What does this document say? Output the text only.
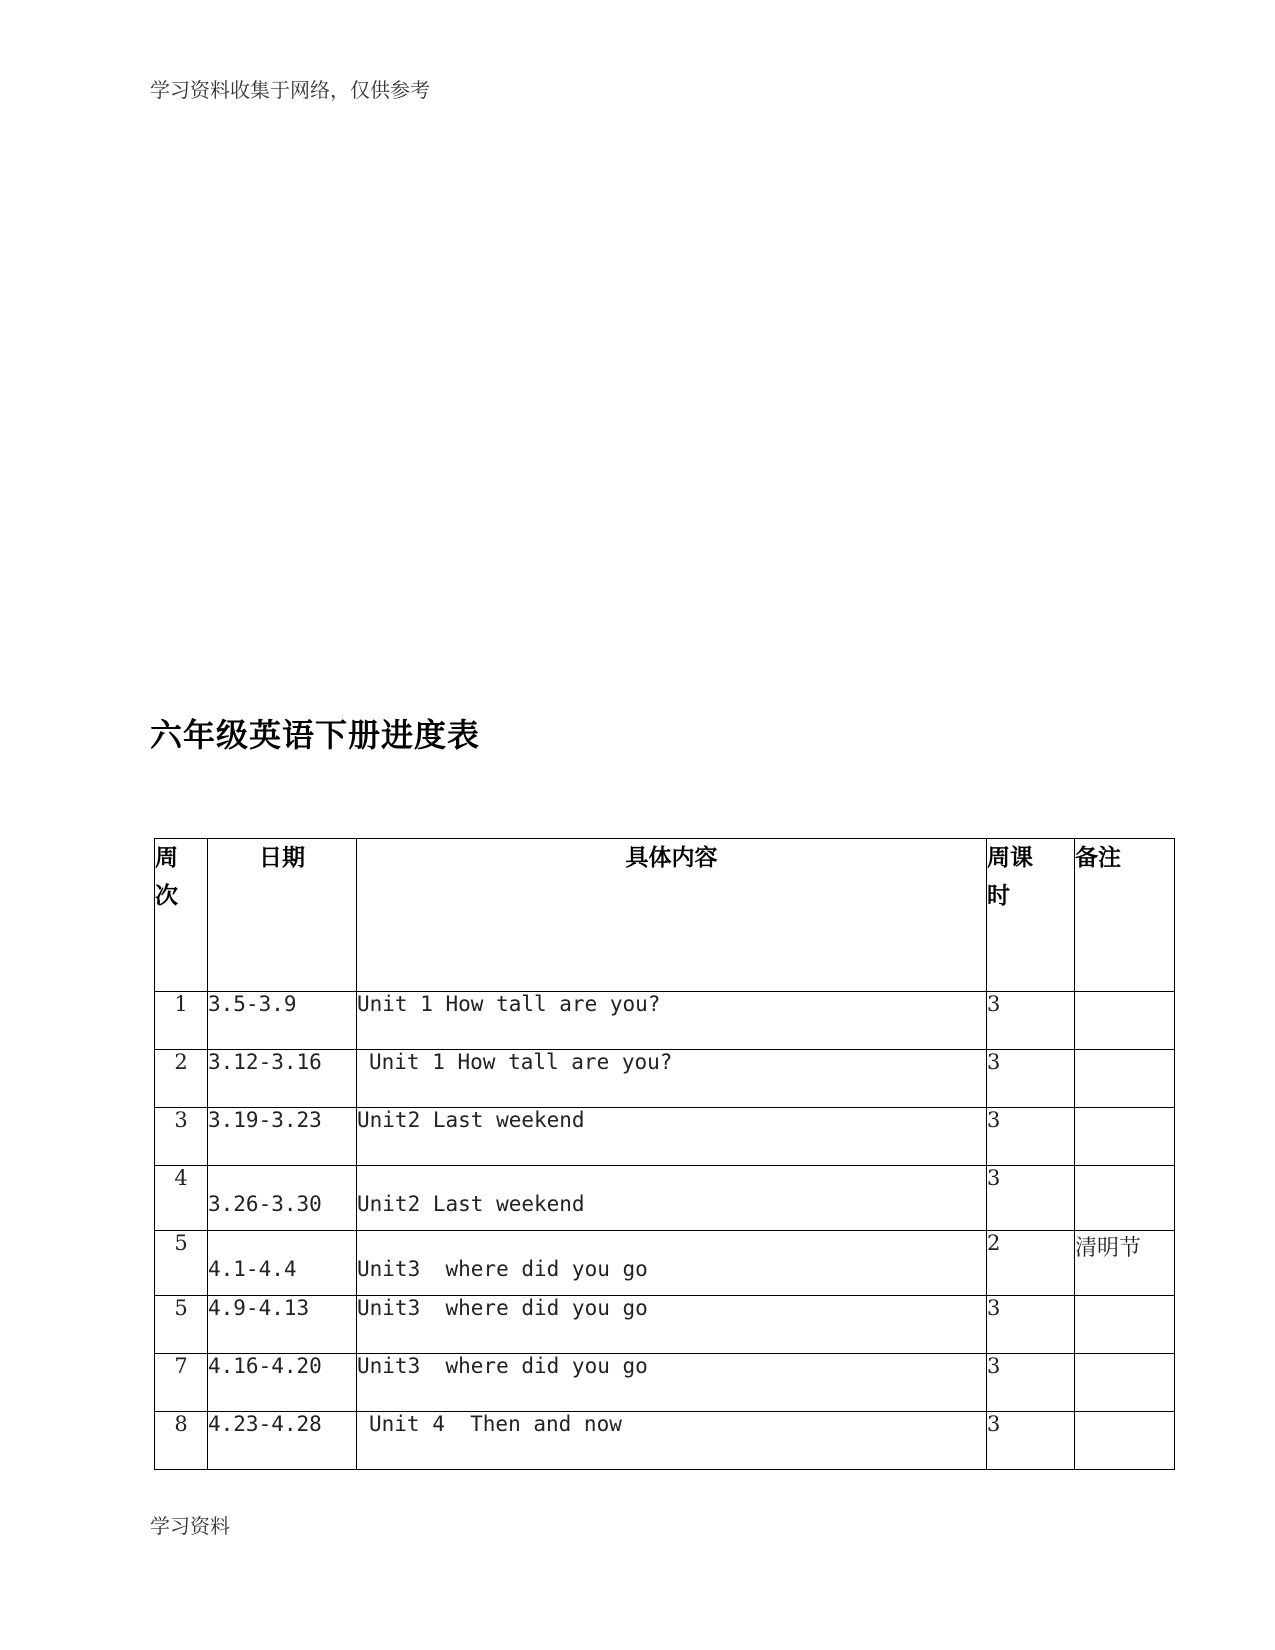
学习资料收集于网络，仅供参考
六年级英语下册进度表
周次	日期	具体内容	周课时	备注
1	3.5-3.9	Unit 1 How tall are you?	3	
2	3.12-3.16	Unit 1 How tall are you?	3	
3	3.19-3.23	Unit2 Last weekend	3	
4	3.26-3.30	Unit2 Last weekend	3	
5	4.1-4.4	Unit3  where did you go	2	清明节
5	4.9-4.13	Unit3  where did you go	3	
7	4.16-4.20	Unit3  where did you go	3	
8	4.23-4.28	Unit 4  Then and now	3	
学习资料
